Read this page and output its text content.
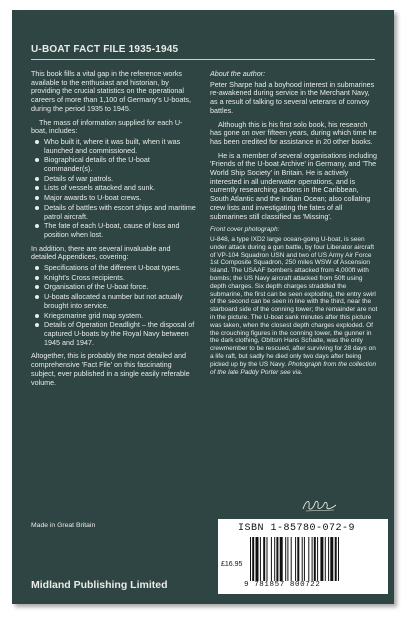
U-BOAT FACT FILE 1935-1945

This book fills a vital gap in the reference works available to the enthusiast and historian, by providing the crucial statistics on the operational careers of more than 1,100 of Germany's U-boats, during the period 1935 to 1945.

The mass of information supplied for each U-boat, includes:

Who built it, where it was built, when it was launched and commissioned.
Biographical details of the U-boat commander(s).
Details of war patrols.
Lists of vessels attacked and sunk.
Major awards to U-boat crews.
Details of battles with escort ships and maritime patrol aircraft.
The fate of each U-boat, cause of loss and position when lost.

In addition, there are several invaluable and detailed Appendices, covering:

Specifications of the different U-boat types.
Knight's Cross recipients.
Organisation of the U-boat force.
U-boats allocated a number but not actually brought into service.
Kriegsmarine grid map system.
Details of Operation Deadlight – the disposal of captured U-boats by the Royal Navy between 1945 and 1947.

Altogether, this is probably the most detailed and comprehensive 'Fact File' on this fascinating subject, ever published in a single easily referable volume.

About the author:

Peter Sharpe had a boyhood interest in submarines re-awakened during service in the Merchant Navy, as a result of talking to several veterans of convoy battles.

Although this is his first solo book, his research has gone on over fifteen years, during which time he has been credited for assistance in 20 other books.

He is a member of several organisations including 'Friends of the U-boat Archive' in Germany, and 'The World Ship Society' in Britain. He is actively interested in all underwater operations, and is currently researching actions in the Caribbean, South Atlantic and the Indian Ocean; also collating crew lists and investigating the fates of all submarines still classified as 'Missing'.

Front cover photograph:

U-848, a type IXD2 large ocean-going U-boat, is seen under attack during a gun battle, by four Liberator aircraft of VP-104 Squadron USN and two of US Army Air Force 1st Composite Squadron, 250 miles WSW of Ascension Island. The USAAF bombers attacked from 4,000ft with bombs; the US Navy aircraft attacked from 50ft using depth charges. Six depth charges straddled the submarine, the first can be seen exploding, the entry swirl of the second can be seen in line with the third, near the starboard side of the conning tower; the remainder are not in the picture. The U-boat sank minutes after this picture was taken, when the closest depth charges exploded. Of the crouching figures in the conning tower, the gunner in the dark clothing, ObItsm Hans Schade, was the only crewmember to be rescued, after surviving for 28 days on a life raft, but sadly he died only two days after being picked up by the US Navy. Photograph from the collection of the late Paddy Porter see via.

Made in Great Britain
Midland Publishing Limited
ISBN 1-85780-072-9
£16.95
9 781857 800722
